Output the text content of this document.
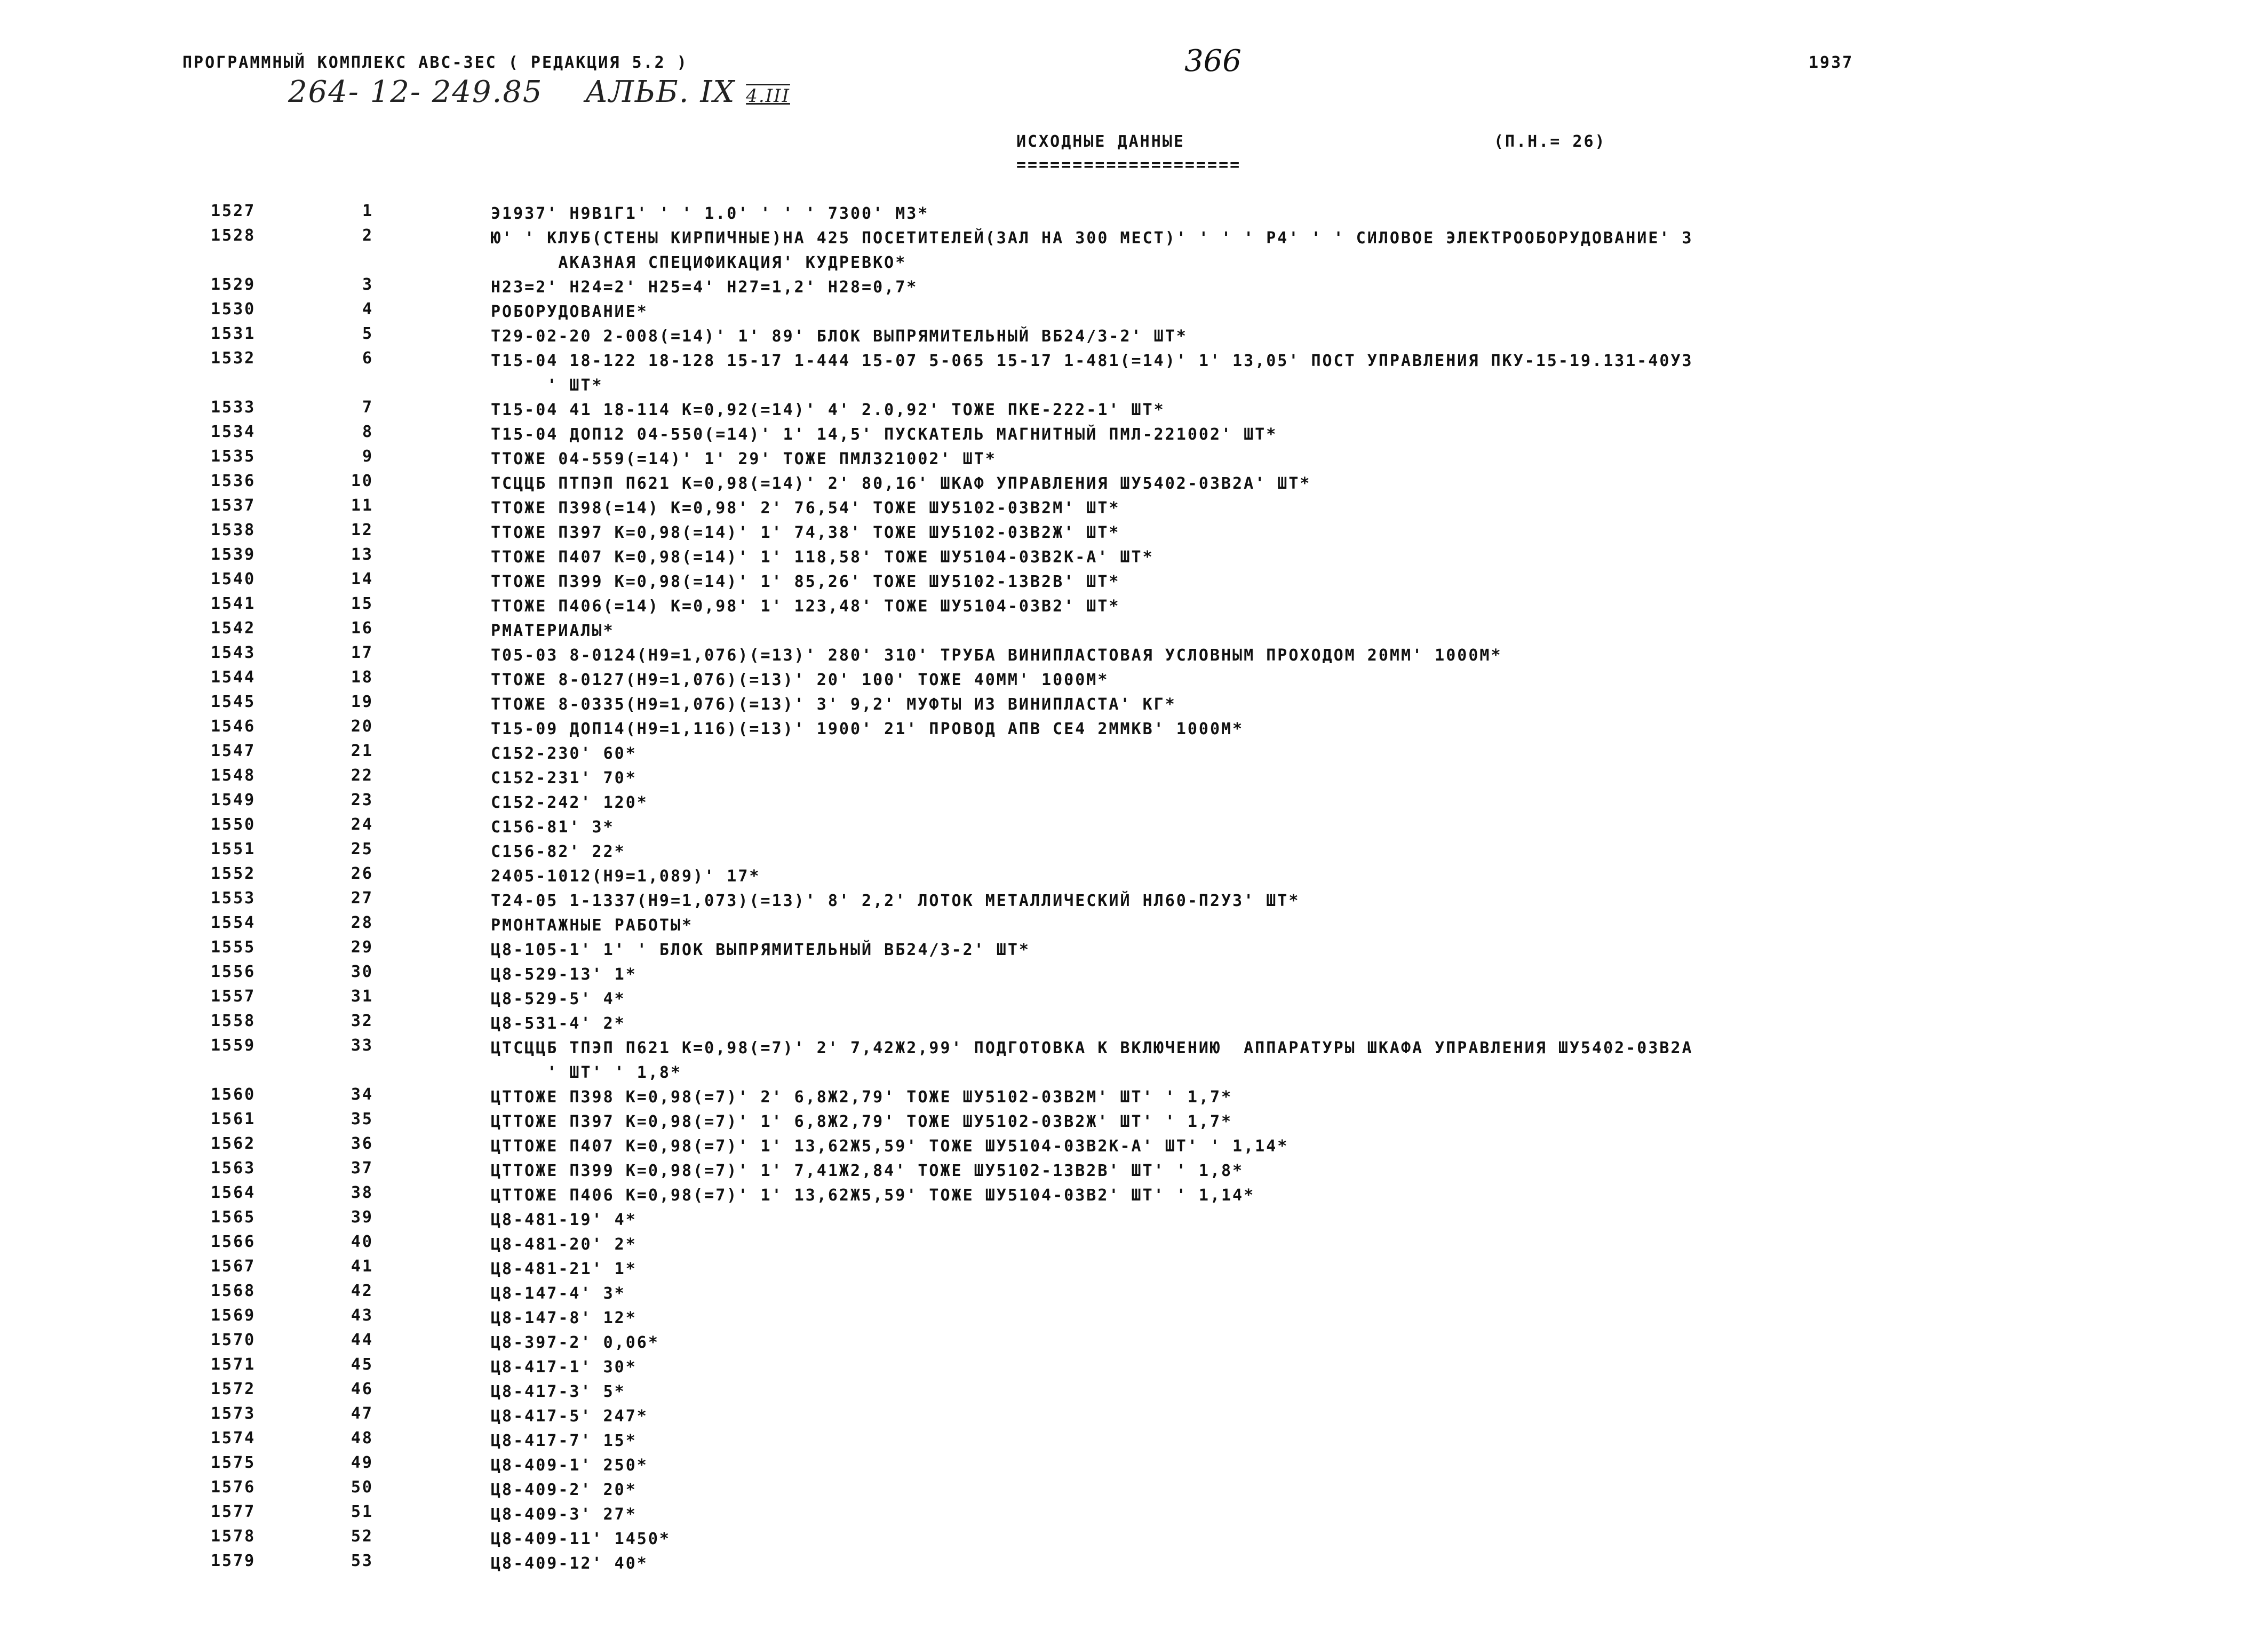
ПРОГРАММНЫЙ КОМПЛЕКС АВС-ЗЕС ( РЕДАКЦИЯ 5.2 )	366	1937
264- 12- 249.85 АЛЬБ. IX 4.III
ИСХОДНЫЕ ДАННЫЕ
====================
(П.Н.= 26)
1527	1	Э1937' Н9В1Г1' ' ' 1.0' ' ' ' 7300' МЗ*
1528	2	Ю' ' КЛУБ(СТЕНЫ КИРПИЧНЫЕ)НА 425 ПОСЕТИТЕЛЕЙ(ЗАЛ НА 300 МЕСТ)' ' ' ' Р4' ' ' СИЛОВОЕ ЭЛЕКТРООБОРУДОВАНИЕ' З
АКАЗНАЯ СПЕЦИФИКАЦИЯ' КУДРЕВКО*
1529	3	Н23=2' Н24=2' Н25=4' Н27=1,2' Н28=0,7*
1530	4	РОБОРУДОВАНИЕ*
1531	5	Т29-02-20 2-008(=14)' 1' 89' БЛОК ВЫПРЯМИТЕЛЬНЫЙ ВБ24/3-2' ШТ*
1532	6	Т15-04 18-122 18-128 15-17 1-444 15-07 5-065 15-17 1-481(=14)' 1' 13,05' ПОСТ УПРАВЛЕНИЯ ПКУ-15-19.131-40УЗ
' ШТ*
1533	7	Т15-04 41 18-114 К=0,92(=14)' 4' 2.0,92' ТОЖЕ ПКЕ-222-1' ШТ*
1534	8	Т15-04 ДОП12 04-550(=14)' 1' 14,5' ПУСКАТЕЛЬ МАГНИТНЫЙ ПМЛ-221002' ШТ*
1535	9	ТТОЖЕ 04-559(=14)' 1' 29' ТОЖЕ ПМЛ321002' ШТ*
1536	10	ТСЦЦБ ПТПЭП П621 К=0,98(=14)' 2' 80,16' ШКАФ УПРАВЛЕНИЯ ШУ5402-03В2А' ШТ*
1537	11	ТТОЖЕ П398(=14) К=0,98' 2' 76,54' ТОЖЕ ШУ5102-03В2М' ШТ*
1538	12	ТТОЖЕ П397 К=0,98(=14)' 1' 74,38' ТОЖЕ ШУ5102-03В2Ж' ШТ*
1539	13	ТТОЖЕ П407 К=0,98(=14)' 1' 118,58' ТОЖЕ ШУ5104-03В2К-А' ШТ*
1540	14	ТТОЖЕ П399 К=0,98(=14)' 1' 85,26' ТОЖЕ ШУ5102-13В2В' ШТ*
1541	15	ТТОЖЕ П406(=14) К=0,98' 1' 123,48' ТОЖЕ ШУ5104-03В2' ШТ*
1542	16	РМАТЕРИАЛЫ*
1543	17	Т05-03 8-0124(Н9=1,076)(=13)' 280' 310' ТРУБА ВИНИПЛАСТОВАЯ УСЛОВНЫМ ПРОХОДОМ 20ММ' 1000М*
1544	18	ТТОЖЕ 8-0127(Н9=1,076)(=13)' 20' 100' ТОЖЕ 40ММ' 1000М*
1545	19	ТТОЖЕ 8-0335(Н9=1,076)(=13)' 3' 9,2' МУФТЫ ИЗ ВИНИПЛАСТА' КГ*
1546	20	Т15-09 ДОП14(Н9=1,116)(=13)' 1900' 21' ПРОВОД АПВ СЕ4 2ММКВ' 1000М*
1547	21	С152-230' 60*
1548	22	С152-231' 70*
1549	23	С152-242' 120*
1550	24	С156-81' 3*
1551	25	С156-82' 22*
1552	26	2405-1012(Н9=1,089)' 17*
1553	27	Т24-05 1-1337(Н9=1,073)(=13)' 8' 2,2' ЛОТОК МЕТАЛЛИЧЕСКИЙ НЛ60-П2УЗ' ШТ*
1554	28	РМОНТАЖНЫЕ РАБОТЫ*
1555	29	Ц8-105-1' 1' ' БЛОК ВЫПРЯМИТЕЛЬНЫЙ ВБ24/3-2' ШТ*
1556	30	Ц8-529-13' 1*
1557	31	Ц8-529-5' 4*
1558	32	Ц8-531-4' 2*
1559	33	ЦТСЦЦБ ТПЭП П621 К=0,98(=7)' 2' 7,42Ж2,99' ПОДГОТОВКА К ВКЛЮЧЕНИЮ  АППАРАТУРЫ ШКАФА УПРАВЛЕНИЯ ШУ5402-03В2А
' ШТ' ' 1,8*
1560	34	ЦТТОЖЕ П398 К=0,98(=7)' 2' 6,8Ж2,79' ТОЖЕ ШУ5102-03В2М' ШТ' ' 1,7*
1561	35	ЦТТОЖЕ П397 К=0,98(=7)' 1' 6,8Ж2,79' ТОЖЕ ШУ5102-03В2Ж' ШТ' ' 1,7*
1562	36	ЦТТОЖЕ П407 К=0,98(=7)' 1' 13,62Ж5,59' ТОЖЕ ШУ5104-03В2К-А' ШТ' ' 1,14*
1563	37	ЦТТОЖЕ П399 К=0,98(=7)' 1' 7,41Ж2,84' ТОЖЕ ШУ5102-13В2В' ШТ' ' 1,8*
1564	38	ЦТТОЖЕ П406 К=0,98(=7)' 1' 13,62Ж5,59' ТОЖЕ ШУ5104-03В2' ШТ' ' 1,14*
1565	39	Ц8-481-19' 4*
1566	40	Ц8-481-20' 2*
1567	41	Ц8-481-21' 1*
1568	42	Ц8-147-4' 3*
1569	43	Ц8-147-8' 12*
1570	44	Ц8-397-2' 0,06*
1571	45	Ц8-417-1' 30*
1572	46	Ц8-417-3' 5*
1573	47	Ц8-417-5' 247*
1574	48	Ц8-417-7' 15*
1575	49	Ц8-409-1' 250*
1576	50	Ц8-409-2' 20*
1577	51	Ц8-409-3' 27*
1578	52	Ц8-409-11' 1450*
1579	53	Ц8-409-12' 40*
